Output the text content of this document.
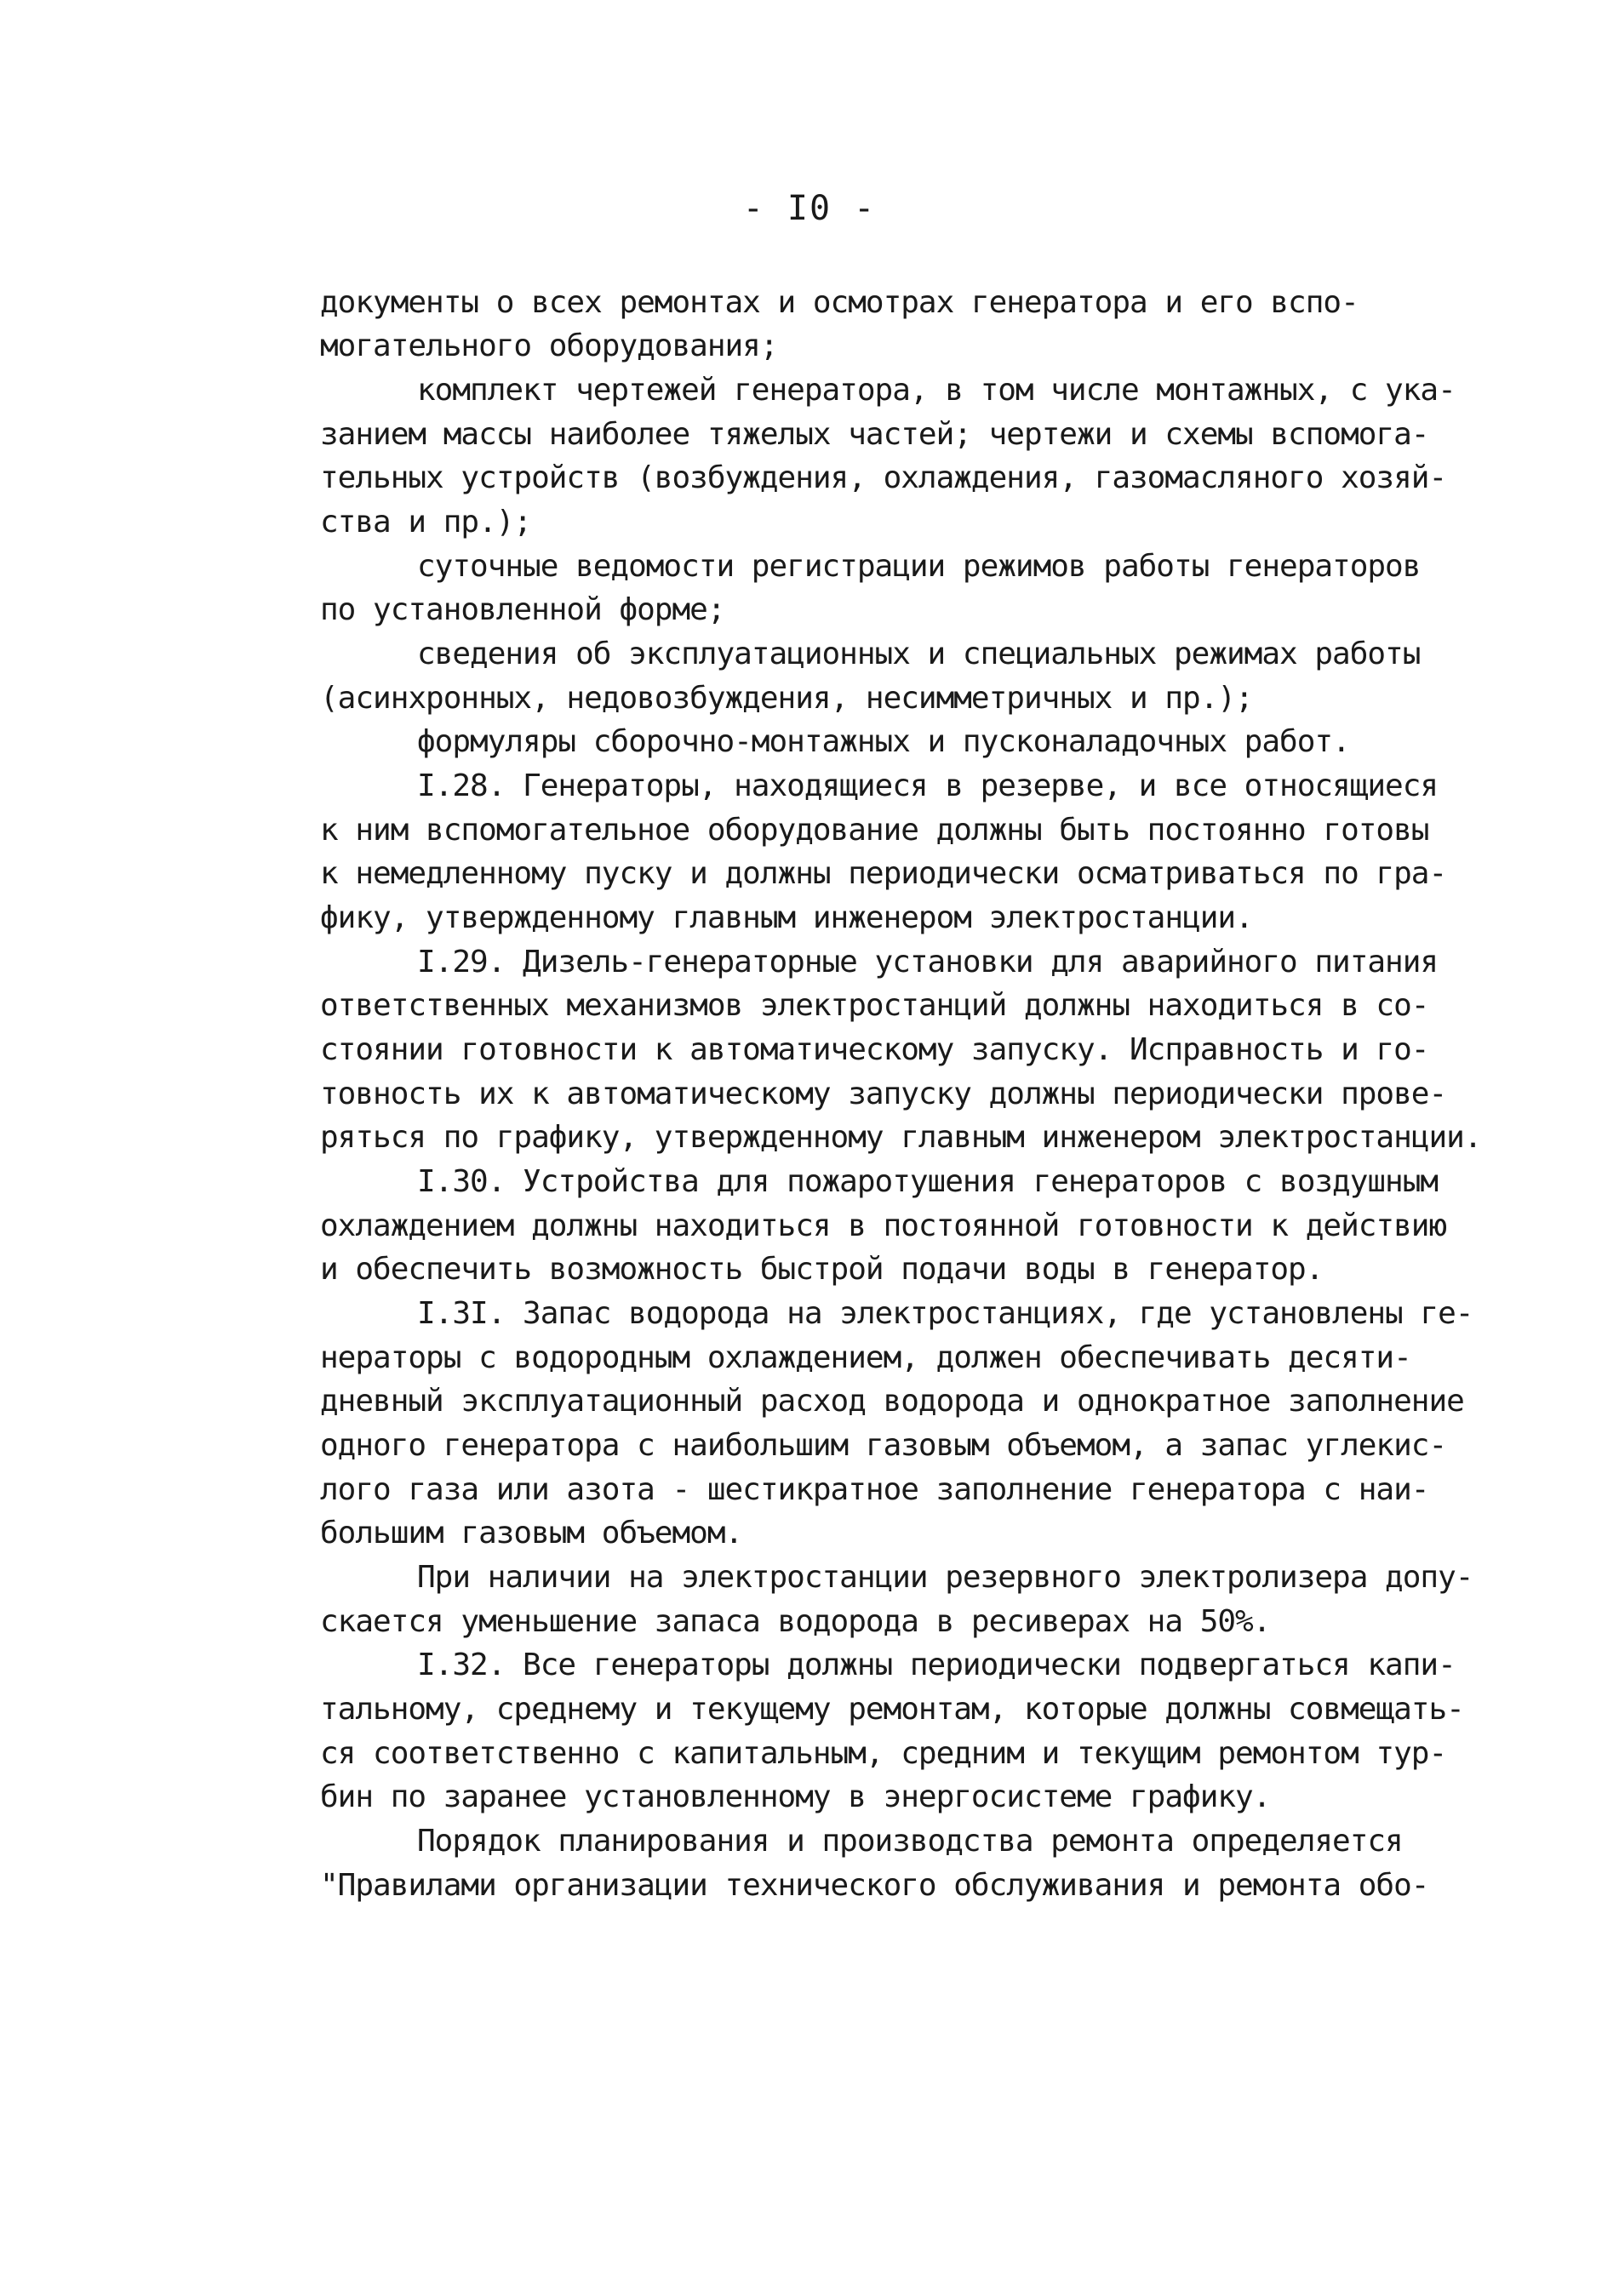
- I0 -
документы о всех ремонтах и осмотрах генератора и его вспо-
могательного оборудования;
комплект чертежей генератора, в том числе монтажных, с ука-
занием массы наиболее тяжелых частей; чертежи и схемы вспомога-
тельных устройств (возбуждения, охлаждения, газомасляного хозяй-
ства и пр.);
суточные ведомости регистрации режимов работы генераторов
по установленной форме;
сведения об эксплуатационных и специальных режимах работы
(асинхронных, недовозбуждения, несимметричных и пр.);
формуляры сборочно-монтажных и пусконаладочных работ.
I.28. Генераторы, находящиеся в резерве, и все относящиеся
к ним вспомогательное оборудование должны быть постоянно готовы
к немедленному пуску и должны периодически осматриваться по гра-
фику, утвержденному главным инженером электростанции.
I.29. Дизель-генераторные установки для аварийного питания
ответственных механизмов электростанций должны находиться в со-
стоянии готовности к автоматическому запуску. Исправность и го-
товность их к автоматическому запуску должны периодически прове-
ряться по графику, утвержденному главным инженером электростанции.
I.30. Устройства для пожаротушения генераторов с воздушным
охлаждением должны находиться в постоянной готовности к действию
и обеспечить возможность быстрой подачи воды в генератор.
I.3I. Запас водорода на электростанциях, где установлены ге-
нераторы с водородным охлаждением, должен обеспечивать десяти-
дневный эксплуатационный расход водорода и однократное заполнение
одного генератора с наибольшим газовым объемом, а запас углекис-
лого газа или азота - шестикратное заполнение генератора с наи-
большим газовым объемом.
При наличии на электростанции резервного электролизера допу-
скается уменьшение запаса водорода в ресиверах на 50%.
I.32. Все генераторы должны периодически подвергаться капи-
тальному, среднему и текущему ремонтам, которые должны совмещать-
ся соответственно с капитальным, средним и текущим ремонтом тур-
бин по заранее установленному в энергосистеме графику.
Порядок планирования и производства ремонта определяется
"Правилами организации технического обслуживания и ремонта обо-
